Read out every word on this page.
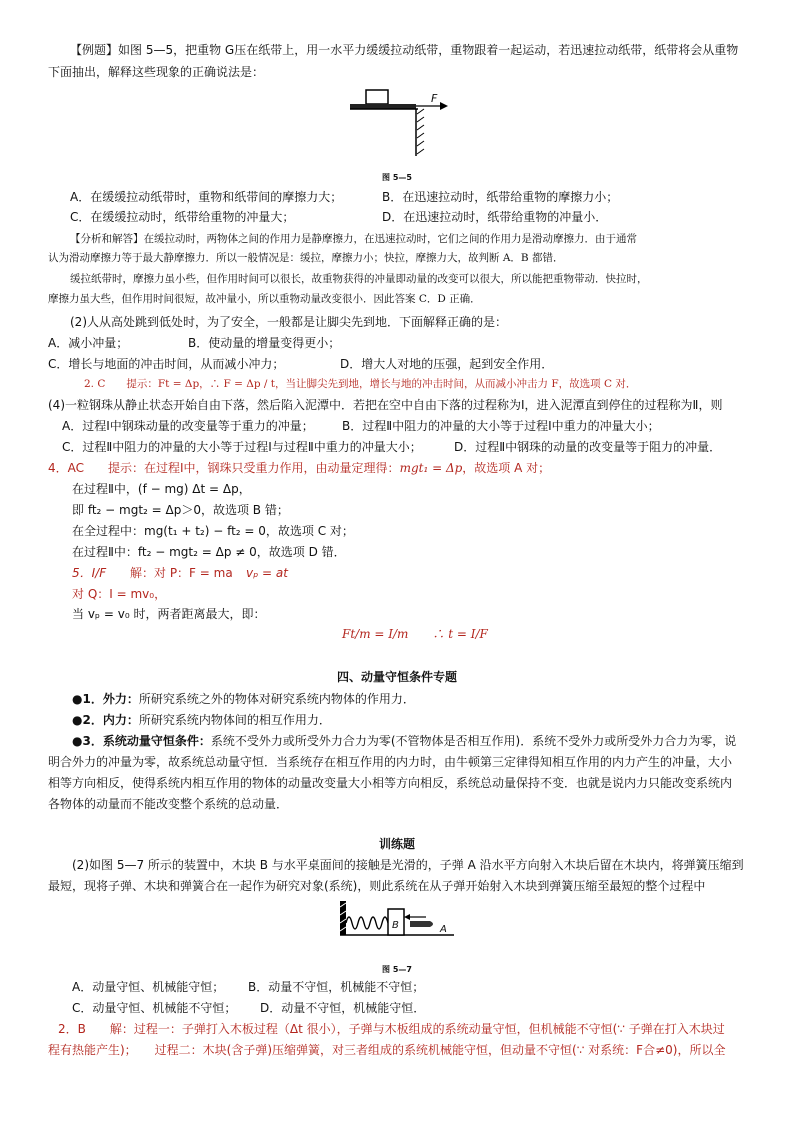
【例题】如图 5—5，把重物 G压在纸带上，用一水平力缓缓拉动纸带，重物跟着一起运动，若迅速拉动纸带，纸带将会从重物
下面抽出，解释这些现象的正确说法是：
F
图 5—5
A．在缓缓拉动纸带时，重物和纸带间的摩擦力大；	B．在迅速拉动时，纸带给重物的摩擦力小；
C．在缓缓拉动时，纸带给重物的冲量大；	D．在迅速拉动时，纸带给重物的冲量小．
【分析和解答】在缓拉动时，两物体之间的作用力是静摩擦力，在迅速拉动时，它们之间的作用力是滑动摩擦力．由于通常
认为滑动摩擦力等于最大静摩擦力．所以一般情况是：缓拉，摩擦力小；快拉，摩擦力大，故判断 A．B 都错．
缓拉纸带时，摩擦力虽小些，但作用时间可以很长，故重物获得的冲量即动量的改变可以很大，所以能把重物带动．快拉时，
摩擦力虽大些，但作用时间很短，故冲量小，所以重物动量改变很小．因此答案 C．D 正确．
(2)人从高处跳到低处时，为了安全，一般都是让脚尖先到地．下面解释正确的是：
A．减小冲量；	B．使动量的增量变得更小；
C．增长与地面的冲击时间，从而减小冲力；	D．增大人对地的压强，起到安全作用．
2. C　　提示：Ft = Δp，∴ F = Δp / t，当让脚尖先到地，增长与地的冲击时间，从而减小冲击力 F，故选项 C 对．
(4)一粒钢珠从静止状态开始自由下落，然后陷入泥潭中．若把在空中自由下落的过程称为Ⅰ，进入泥潭直到停住的过程称为Ⅱ，则
A．过程Ⅰ中钢珠动量的改变量等于重力的冲量； B．过程Ⅱ中阻力的冲量的大小等于过程Ⅰ中重力的冲量大小；
C．过程Ⅱ中阻力的冲量的大小等于过程Ⅰ与过程Ⅱ中重力的冲量大小；	D．过程Ⅱ中钢珠的动量的改变量等于阻力的冲量．
4．AC　　提示：在过程Ⅰ中，钢珠只受重力作用，由动量定理得：mgt₁ = Δp，故选项 A 对；
在过程Ⅱ中，(f − mg) Δt = Δp，
即 ft₂ − mgt₂ = Δp＞0，故选项 B 错；
在全过程中：mg(t₁ + t₂) − ft₂ = 0，故选项 C 对；
在过程Ⅱ中：ft₂ − mgt₂ = Δp ≠ 0，故选项 D 错．
5．I/F 解：对 P：F = ma vₚ = at
对 Q：I = mv₀，
当 vₚ = v₀ 时，两者距离最大，即：
Ft/m = I/m　　∴ t = I/F
四、动量守恒条件专题
●1．外力：所研究系统之外的物体对研究系统内物体的作用力．
●2．内力：所研究系统内物体间的相互作用力．
●3．系统动量守恒条件：系统不受外力或所受外力合力为零(不管物体是否相互作用)．系统不受外力或所受外力合力为零，说
明合外力的冲量为零，故系统总动量守恒．当系统存在相互作用的内力时，由牛顿第三定律得知相互作用的内力产生的冲量，大小
相等方向相反，使得系统内相互作用的物体的动量改变量大小相等方向相反，系统总动量保持不变．也就是说内力只能改变系统内
各物体的动量而不能改变整个系统的总动量．
训练题
(2)如图 5—7 所示的装置中，木块 B 与水平桌面间的接触是光滑的，子弹 A 沿水平方向射入木块后留在木块内，将弹簧压缩到
最短，现将子弹、木块和弹簧合在一起作为研究对象(系统)，则此系统在从子弹开始射入木块到弹簧压缩至最短的整个过程中
B	A
图 5—7
A．动量守恒、机械能守恒； B．动量不守恒，机械能不守恒；
C．动量守恒、机械能不守恒； D．动量不守恒，机械能守恒．
2．B　　解：过程一：子弹打入木板过程（Δt 很小），子弹与木板组成的系统动量守恒，但机械能不守恒(∵ 子弹在打入木块过
程有热能产生)；　　过程二：木块(含子弹)压缩弹簧，对三者组成的系统机械能守恒，但动量不守恒(∵ 对系统：F合≠0)，所以全
